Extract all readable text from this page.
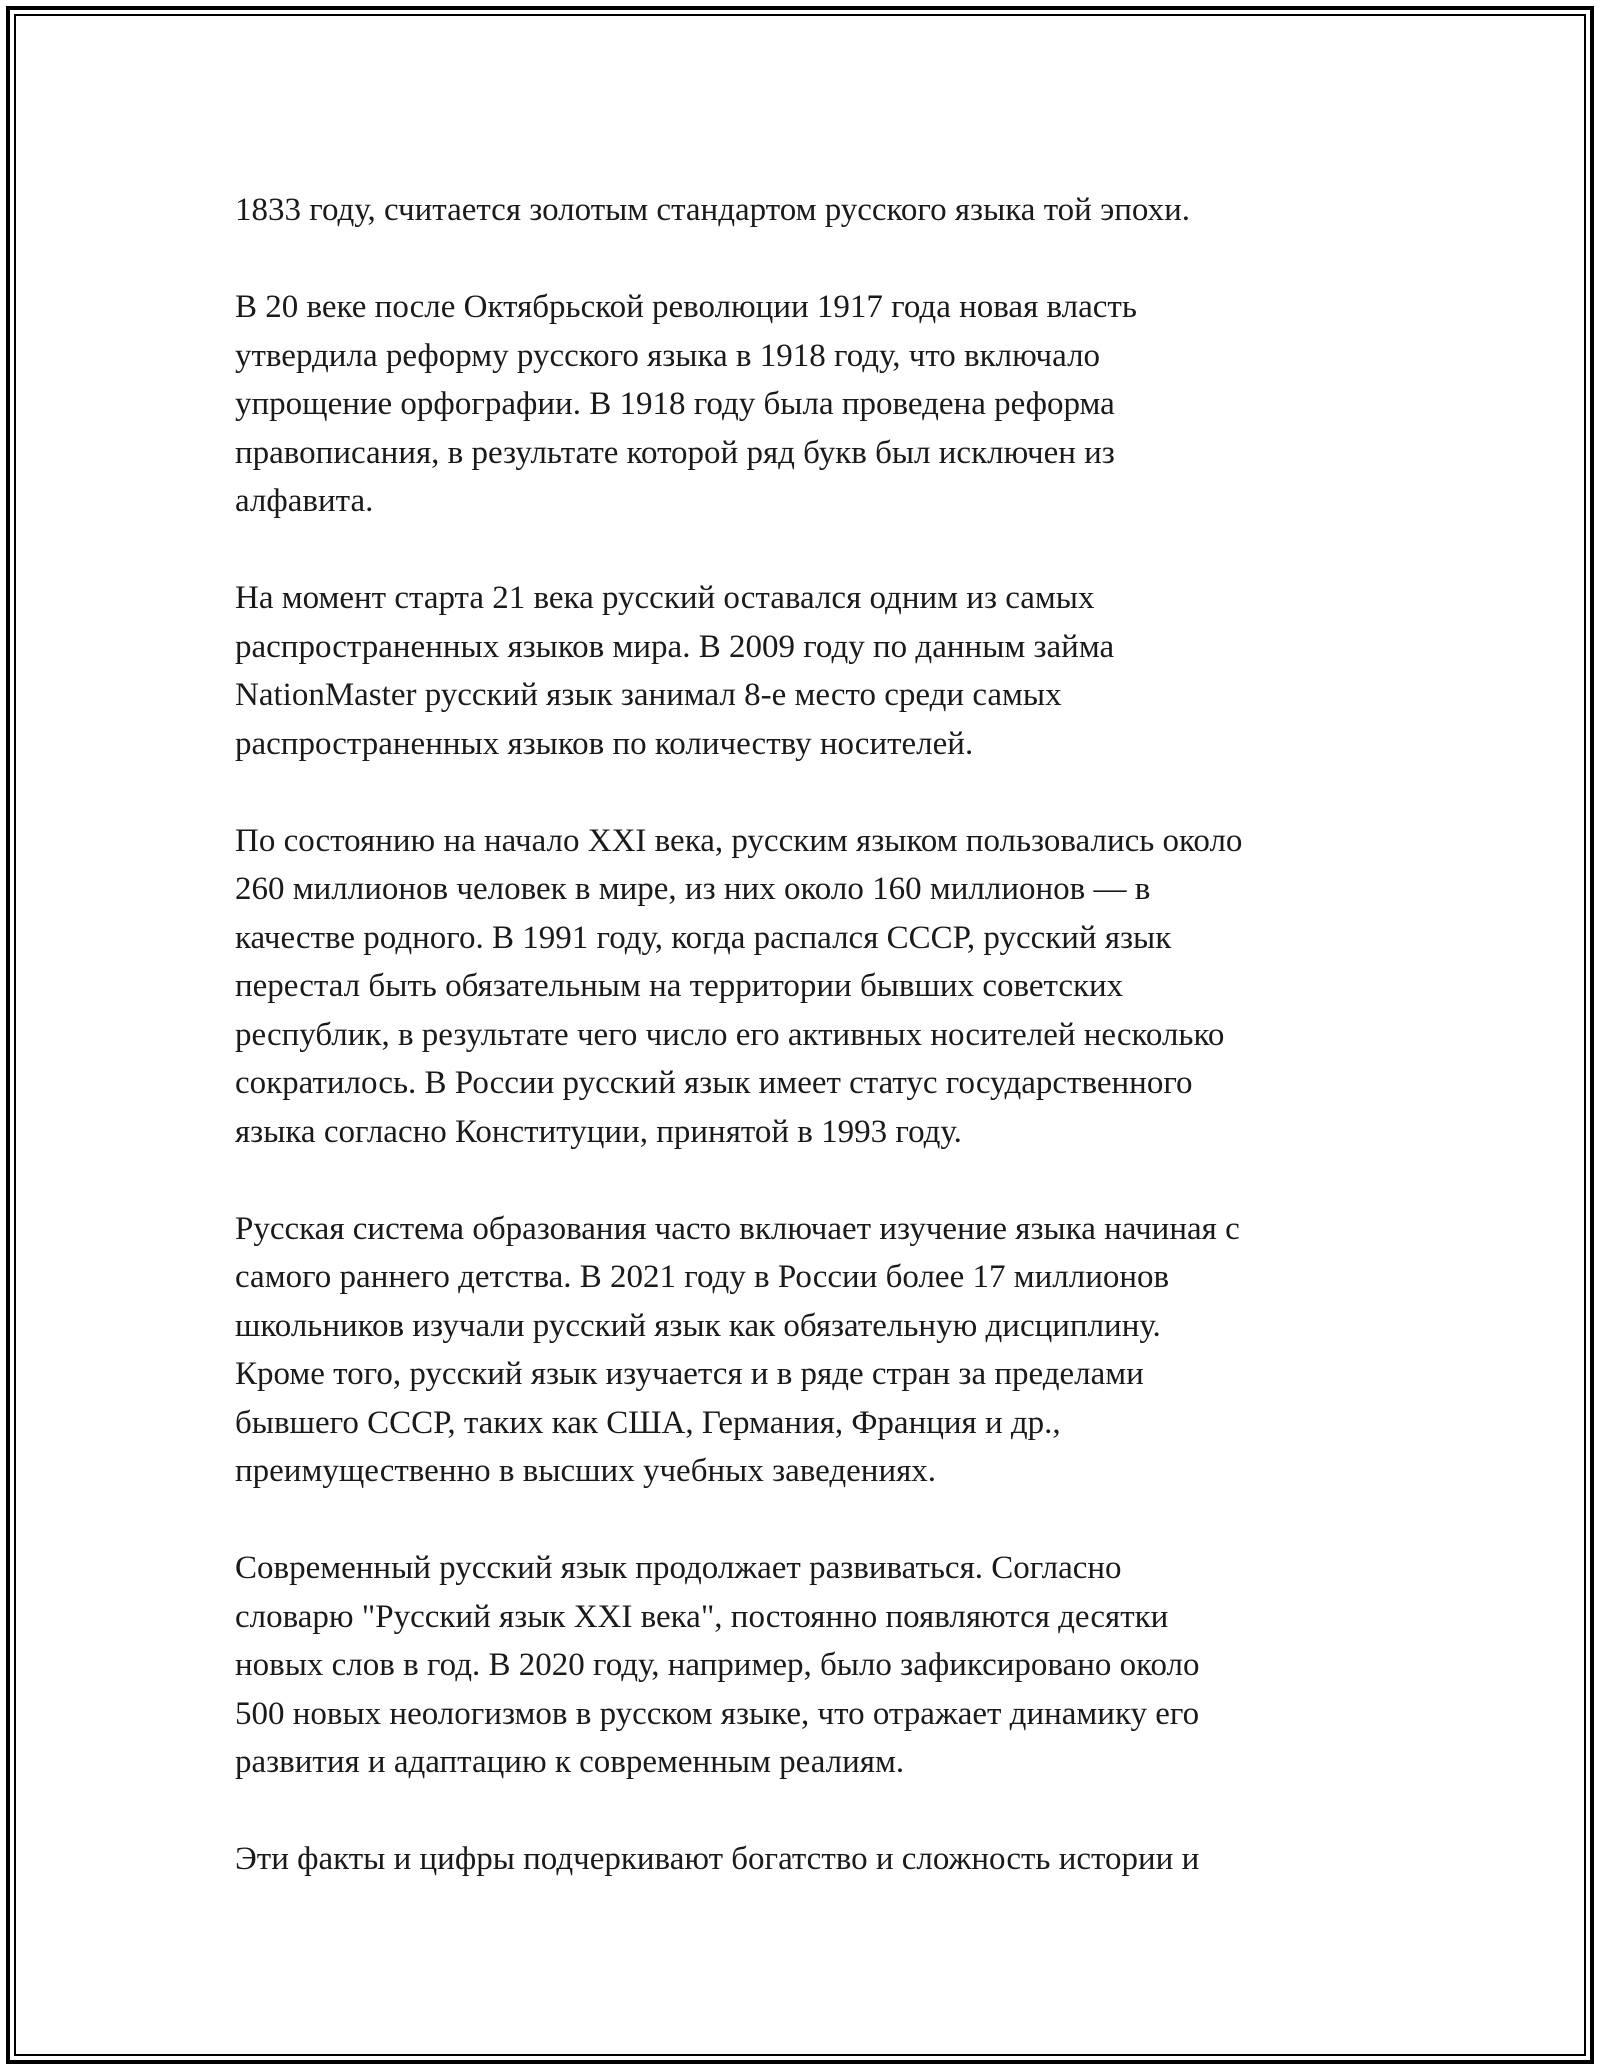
1833 году, считается золотым стандартом русского языка той эпохи.

В 20 веке после Октябрьской революции 1917 года новая власть
утвердила реформу русского языка в 1918 году, что включало
упрощение орфографии. В 1918 году была проведена реформа
правописания, в результате которой ряд букв был исключен из
алфавита.

На момент старта 21 века русский оставался одним из самых
распространенных языков мира. В 2009 году по данным займа
NationMaster русский язык занимал 8-е место среди самых
распространенных языков по количеству носителей.

По состоянию на начало XXI века, русским языком пользовались около
260 миллионов человек в мире, из них около 160 миллионов — в
качестве родного. В 1991 году, когда распался СССР, русский язык
перестал быть обязательным на территории бывших советских
республик, в результате чего число его активных носителей несколько
сократилось. В России русский язык имеет статус государственного
языка согласно Конституции, принятой в 1993 году.

Русская система образования часто включает изучение языка начиная с
самого раннего детства. В 2021 году в России более 17 миллионов
школьников изучали русский язык как обязательную дисциплину.
Кроме того, русский язык изучается и в ряде стран за пределами
бывшего СССР, таких как США, Германия, Франция и др.,
преимущественно в высших учебных заведениях.

Современный русский язык продолжает развиваться. Согласно
словарю "Русский язык XXI века", постоянно появляются десятки
новых слов в год. В 2020 году, например, было зафиксировано около
500 новых неологизмов в русском языке, что отражает динамику его
развития и адаптацию к современным реалиям.

Эти факты и цифры подчеркивают богатство и сложность истории и
